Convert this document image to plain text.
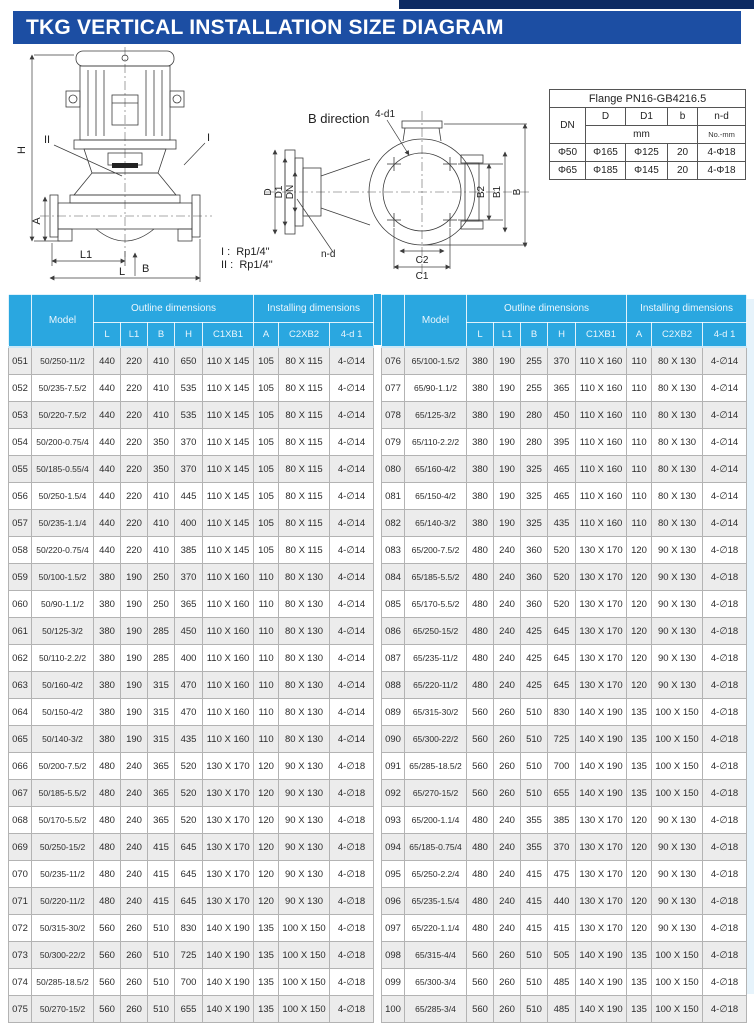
TKG VERTICAL INSTALLATION SIZE DIAGRAM
H
A
L1
L B
I
II
B direction 4-d1
D D1 DN
n-d
B2 B1 B
C2
C1
I :  Rp1/4"
II :  Rp1/4"
Flange PN16-GB4216.5				
DN	D	D1	b	n-d
	mm			No.-mm
Φ50	Φ165	Φ125	20	4-Φ18
Φ65	Φ185	Φ145	20	4-Φ18
	Model	Outline dimensions					Installing dimensions		
		L	L1	B	H	C1XB1	A	C2XB2	4-d 1
051	50/250-11/2	440	220	410	650	110 X 145	105	80 X 115	4-∅14
052	50/235-7.5/2	440	220	410	535	110 X 145	105	80 X 115	4-∅14
053	50/220-7.5/2	440	220	410	535	110 X 145	105	80 X 115	4-∅14
054	50/200-0.75/4	440	220	350	370	110 X 145	105	80 X 115	4-∅14
055	50/185-0.55/4	440	220	350	370	110 X 145	105	80 X 115	4-∅14
056	50/250-1.5/4	440	220	410	445	110 X 145	105	80 X 115	4-∅14
057	50/235-1.1/4	440	220	410	400	110 X 145	105	80 X 115	4-∅14
058	50/220-0.75/4	440	220	410	385	110 X 145	105	80 X 115	4-∅14
059	50/100-1.5/2	380	190	250	370	110 X 160	110	80 X 130	4-∅14
060	50/90-1.1/2	380	190	250	365	110 X 160	110	80 X 130	4-∅14
061	50/125-3/2	380	190	285	450	110 X 160	110	80 X 130	4-∅14
062	50/110-2.2/2	380	190	285	400	110 X 160	110	80 X 130	4-∅14
063	50/160-4/2	380	190	315	470	110 X 160	110	80 X 130	4-∅14
064	50/150-4/2	380	190	315	470	110 X 160	110	80 X 130	4-∅14
065	50/140-3/2	380	190	315	435	110 X 160	110	80 X 130	4-∅14
066	50/200-7.5/2	480	240	365	520	130 X 170	120	90 X 130	4-∅18
067	50/185-5.5/2	480	240	365	520	130 X 170	120	90 X 130	4-∅18
068	50/170-5.5/2	480	240	365	520	130 X 170	120	90 X 130	4-∅18
069	50/250-15/2	480	240	415	645	130 X 170	120	90 X 130	4-∅18
070	50/235-11/2	480	240	415	645	130 X 170	120	90 X 130	4-∅18
071	50/220-11/2	480	240	415	645	130 X 170	120	90 X 130	4-∅18
072	50/315-30/2	560	260	510	830	140 X 190	135	100 X 150	4-∅18
073	50/300-22/2	560	260	510	725	140 X 190	135	100 X 150	4-∅18
074	50/285-18.5/2	560	260	510	700	140 X 190	135	100 X 150	4-∅18
075	50/270-15/2	560	260	510	655	140 X 190	135	100 X 150	4-∅18
	Model	Outline dimensions					Installing dimensions		
		L	L1	B	H	C1XB1	A	C2XB2	4-d 1
076	65/100-1.5/2	380	190	255	370	110 X 160	110	80 X 130	4-∅14
077	65/90-1.1/2	380	190	255	365	110 X 160	110	80 X 130	4-∅14
078	65/125-3/2	380	190	280	450	110 X 160	110	80 X 130	4-∅14
079	65/110-2.2/2	380	190	280	395	110 X 160	110	80 X 130	4-∅14
080	65/160-4/2	380	190	325	465	110 X 160	110	80 X 130	4-∅14
081	65/150-4/2	380	190	325	465	110 X 160	110	80 X 130	4-∅14
082	65/140-3/2	380	190	325	435	110 X 160	110	80 X 130	4-∅14
083	65/200-7.5/2	480	240	360	520	130 X 170	120	90 X 130	4-∅18
084	65/185-5.5/2	480	240	360	520	130 X 170	120	90 X 130	4-∅18
085	65/170-5.5/2	480	240	360	520	130 X 170	120	90 X 130	4-∅18
086	65/250-15/2	480	240	425	645	130 X 170	120	90 X 130	4-∅18
087	65/235-11/2	480	240	425	645	130 X 170	120	90 X 130	4-∅18
088	65/220-11/2	480	240	425	645	130 X 170	120	90 X 130	4-∅18
089	65/315-30/2	560	260	510	830	140 X 190	135	100 X 150	4-∅18
090	65/300-22/2	560	260	510	725	140 X 190	135	100 X 150	4-∅18
091	65/285-18.5/2	560	260	510	700	140 X 190	135	100 X 150	4-∅18
092	65/270-15/2	560	260	510	655	140 X 190	135	100 X 150	4-∅18
093	65/200-1.1/4	480	240	355	385	130 X 170	120	90 X 130	4-∅18
094	65/185-0.75/4	480	240	355	370	130 X 170	120	90 X 130	4-∅18
095	65/250-2.2/4	480	240	415	475	130 X 170	120	90 X 130	4-∅18
096	65/235-1.5/4	480	240	415	440	130 X 170	120	90 X 130	4-∅18
097	65/220-1.1/4	480	240	415	415	130 X 170	120	90 X 130	4-∅18
098	65/315-4/4	560	260	510	505	140 X 190	135	100 X 150	4-∅18
099	65/300-3/4	560	260	510	485	140 X 190	135	100 X 150	4-∅18
100	65/285-3/4	560	260	510	485	140 X 190	135	100 X 150	4-∅18
